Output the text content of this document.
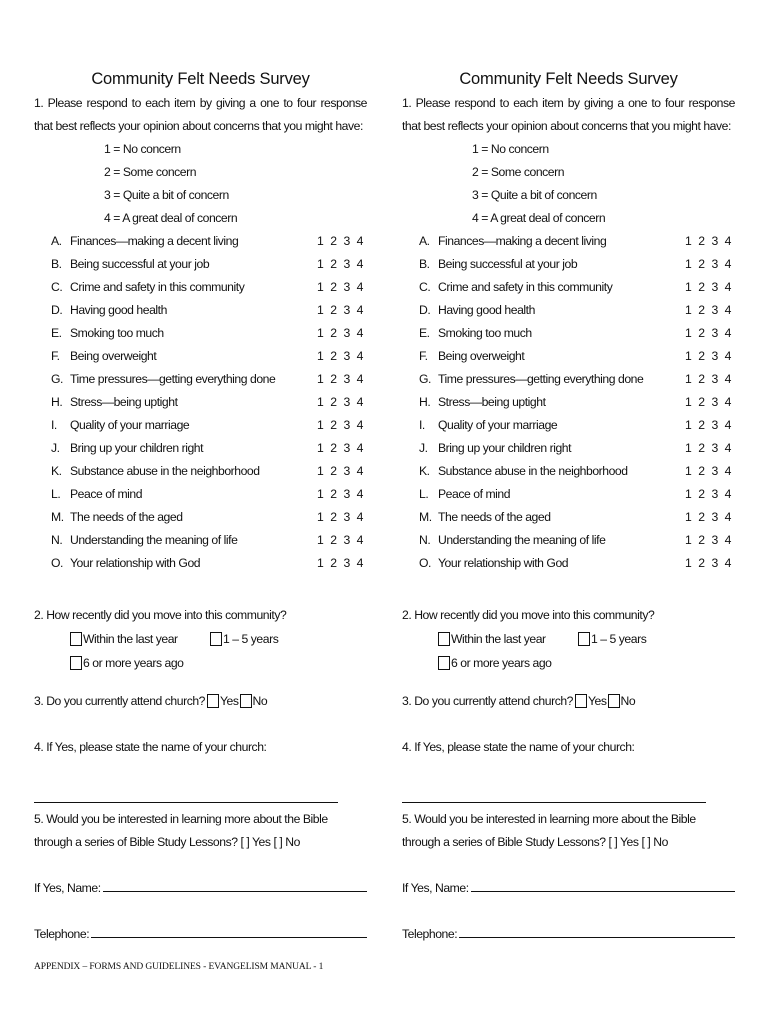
Community Felt Needs Survey
1. Please respond to each item by giving a one to four response that best reflects your opinion about concerns that you might have:
1 = No concern
2 = Some concern
3 = Quite a bit of concern
4 = A great deal of concern
A. Finances—making a decent living	1 2 3 4
B. Being successful at your job	1 2 3 4
C. Crime and safety in this community	1 2 3 4
D. Having good health	1 2 3 4
E. Smoking too much	1 2 3 4
F. Being overweight	1 2 3 4
G. Time pressures—getting everything done	1 2 3 4
H. Stress—being uptight	1 2 3 4
I.	Quality of your marriage	1 2 3 4
J. Bring up your children right	1 2 3 4
K. Substance abuse in the neighborhood	1 2 3 4
L. Peace of mind	1 2 3 4
M. The needs of the aged	1 2 3 4
N. Understanding the meaning of life	1 2 3 4
O. Your relationship with God	1 2 3 4
2. How recently did you move into this community?
Within the last year	1 – 5 years
6 or more years ago
3. Do you currently attend church? Yes No
4. If Yes, please state the name of your church:
5. Would you be interested in learning more about the Bible through a series of Bible Study Lessons? [ ] Yes [ ] No
If Yes, Name:
Telephone:
Community Felt Needs Survey
1. Please respond to each item by giving a one to four response that best reflects your opinion about concerns that you might have:
1 = No concern
2 = Some concern
3 = Quite a bit of concern
4 = A great deal of concern
A. Finances—making a decent living	1 2 3 4
B. Being successful at your job	1 2 3 4
C. Crime and safety in this community	1 2 3 4
D. Having good health	1 2 3 4
E. Smoking too much	1 2 3 4
F. Being overweight	1 2 3 4
G. Time pressures—getting everything done	1 2 3 4
H. Stress—being uptight	1 2 3 4
I.	Quality of your marriage	1 2 3 4
J. Bring up your children right	1 2 3 4
K. Substance abuse in the neighborhood	1 2 3 4
L. Peace of mind	1 2 3 4
M. The needs of the aged	1 2 3 4
N. Understanding the meaning of life	1 2 3 4
O. Your relationship with God	1 2 3 4
2. How recently did you move into this community?
Within the last year	1 – 5 years
6 or more years ago
3. Do you currently attend church? Yes No
4. If Yes, please state the name of your church:
5. Would you be interested in learning more about the Bible through a series of Bible Study Lessons? [ ] Yes [ ] No
If Yes, Name:
Telephone:
APPENDIX – FORMS AND GUIDELINES - EVANGELISM MANUAL - 1
